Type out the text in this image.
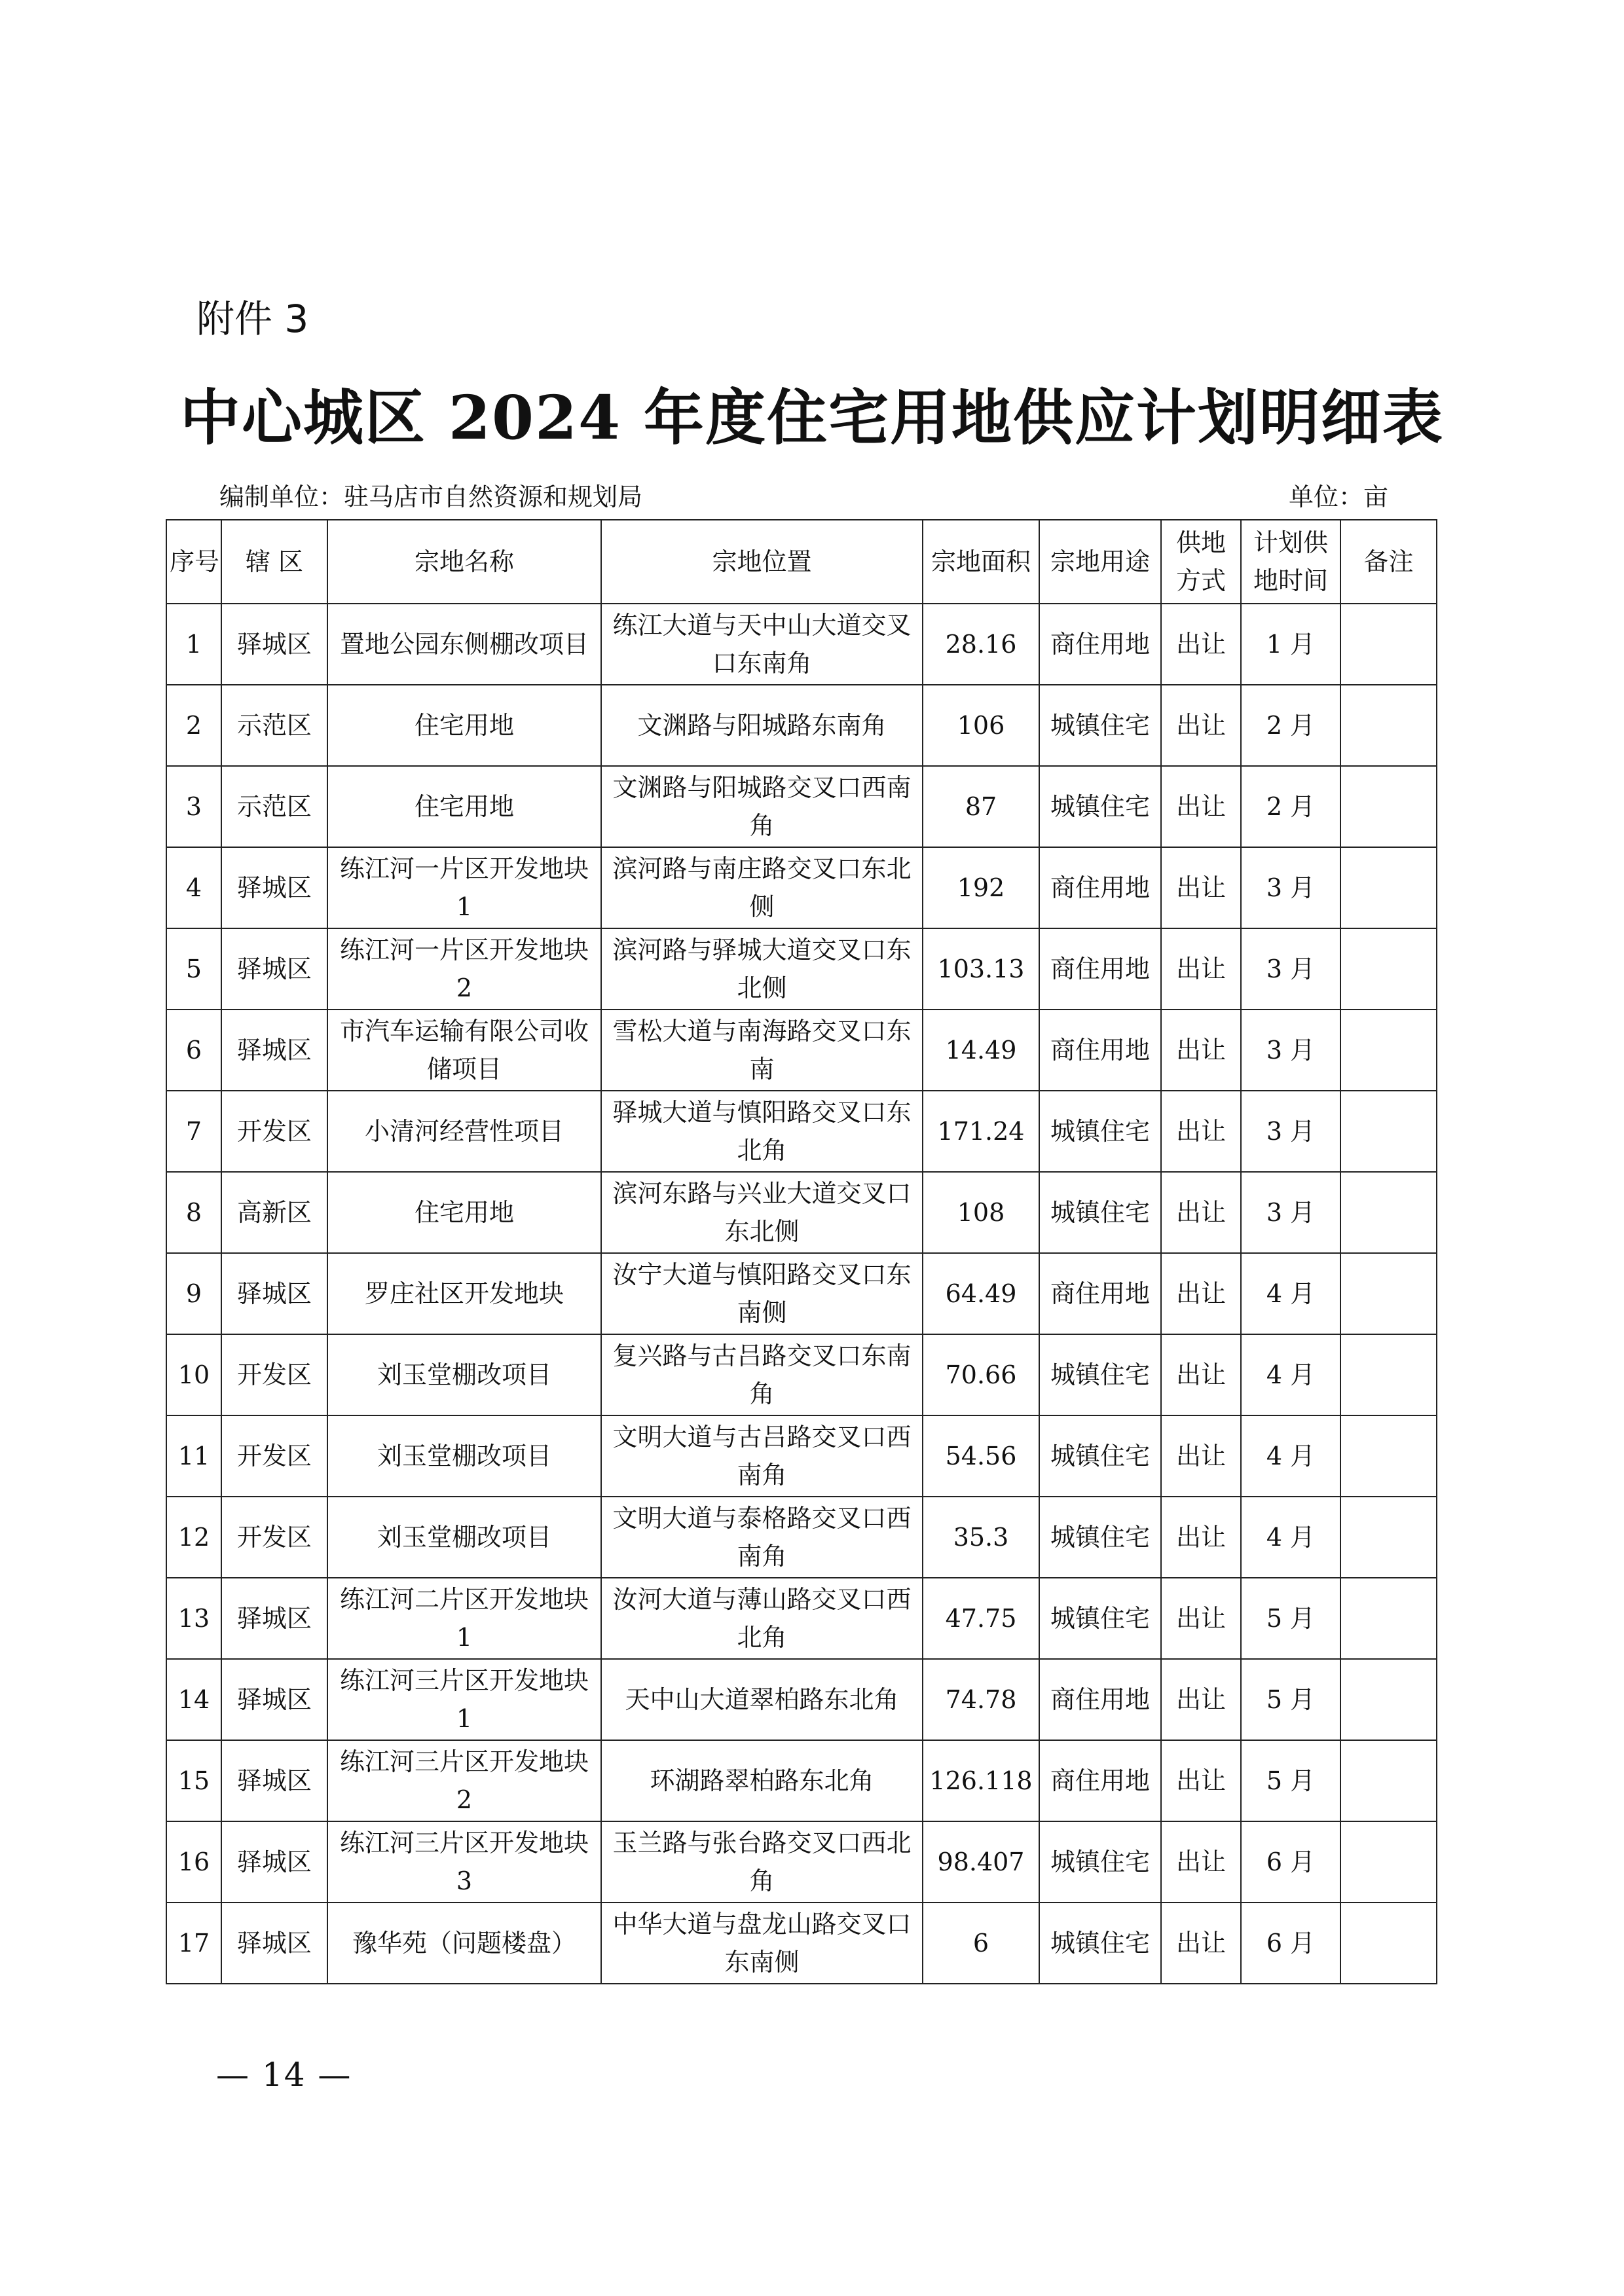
附件 3
中心城区 2024 年度住宅用地供应计划明细表
编制单位：驻马店市自然资源和规划局	单位：亩
序号	辖 区	宗地名称	宗地位置	宗地面积	宗地用途	供地方式	计划供地时间	备注
1	驿城区	置地公园东侧棚改项目	练江大道与天中山大道交叉口东南角	28.16	商住用地	出让	1 月	
2	示范区	住宅用地	文渊路与阳城路东南角	106	城镇住宅	出让	2 月	
3	示范区	住宅用地	文渊路与阳城路交叉口西南角	87	城镇住宅	出让	2 月	
4	驿城区	练江河一片区开发地块 1	滨河路与南庄路交叉口东北侧	192	商住用地	出让	3 月	
5	驿城区	练江河一片区开发地块 2	滨河路与驿城大道交叉口东北侧	103.13	商住用地	出让	3 月	
6	驿城区	市汽车运输有限公司收储项目	雪松大道与南海路交叉口东南	14.49	商住用地	出让	3 月	
7	开发区	小清河经营性项目	驿城大道与慎阳路交叉口东北角	171.24	城镇住宅	出让	3 月	
8	高新区	住宅用地	滨河东路与兴业大道交叉口东北侧	108	城镇住宅	出让	3 月	
9	驿城区	罗庄社区开发地块	汝宁大道与慎阳路交叉口东南侧	64.49	商住用地	出让	4 月	
10	开发区	刘玉堂棚改项目	复兴路与古吕路交叉口东南角	70.66	城镇住宅	出让	4 月	
11	开发区	刘玉堂棚改项目	文明大道与古吕路交叉口西南角	54.56	城镇住宅	出让	4 月	
12	开发区	刘玉堂棚改项目	文明大道与泰格路交叉口西南角	35.3	城镇住宅	出让	4 月	
13	驿城区	练江河二片区开发地块 1	汝河大道与薄山路交叉口西北角	47.75	城镇住宅	出让	5 月	
14	驿城区	练江河三片区开发地块 1	天中山大道翠柏路东北角	74.78	商住用地	出让	5 月	
15	驿城区	练江河三片区开发地块 2	环湖路翠柏路东北角	126.118	商住用地	出让	5 月	
16	驿城区	练江河三片区开发地块 3	玉兰路与张台路交叉口西北角	98.407	城镇住宅	出让	6 月	
17	驿城区	豫华苑（问题楼盘）	中华大道与盘龙山路交叉口东南侧	6	城镇住宅	出让	6 月	
— 14 —
